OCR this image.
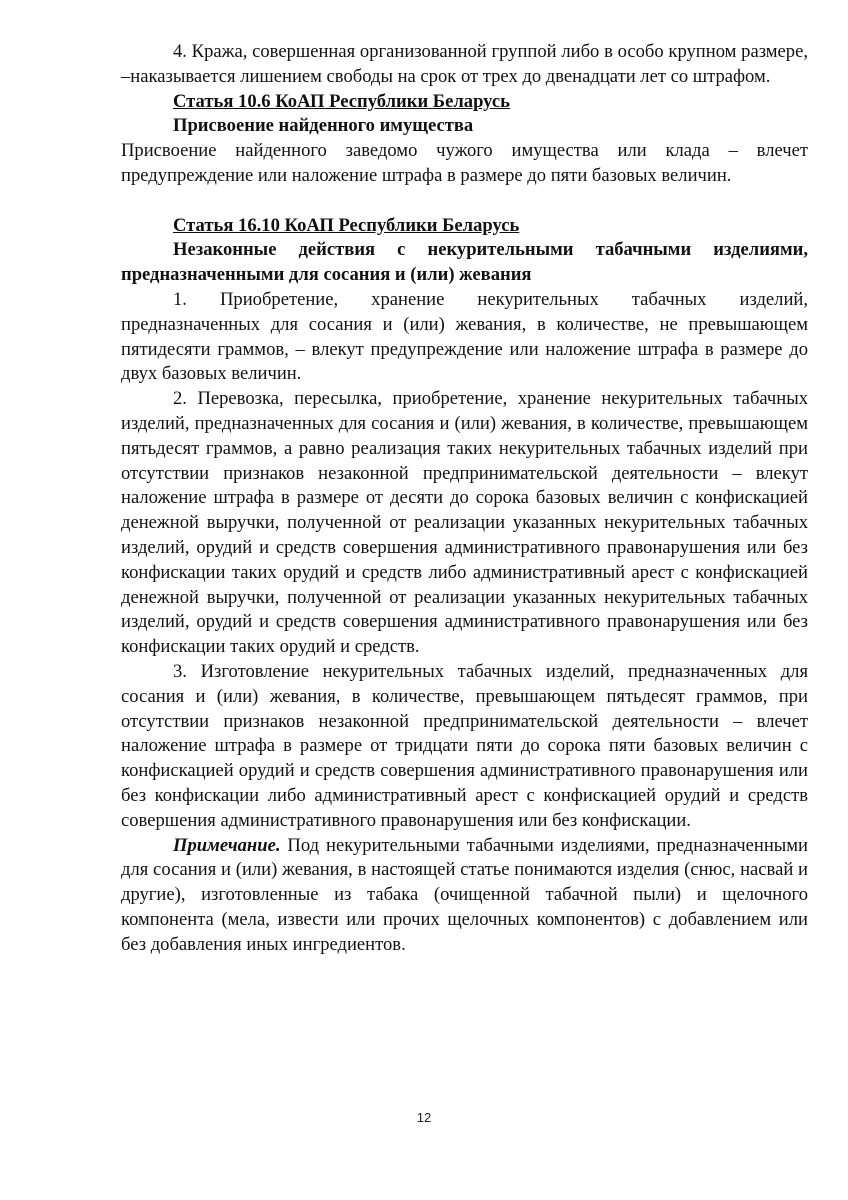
4. Кража, совершенная организованной группой либо в особо крупном размере, –наказывается лишением свободы на срок от трех до двенадцати лет со штрафом.

Статья 10.6 КоАП Республики Беларусь

Присвоение найденного имущества

Присвоение найденного заведомо чужого имущества или клада – влечет предупреждение или наложение штрафа в размере до пяти базовых величин.

Статья 16.10 КоАП Республики Беларусь

Незаконные действия с некурительными табачными изделиями, предназначенными для сосания и (или) жевания

1. Приобретение, хранение некурительных табачных изделий, предназначенных для сосания и (или) жевания, в количестве, не превышающем пятидесяти граммов, – влекут предупреждение или наложение штрафа в размере до двух базовых величин.

2. Перевозка, пересылка, приобретение, хранение некурительных табачных изделий, предназначенных для сосания и (или) жевания, в количестве, превышающем пятьдесят граммов, а равно реализация таких некурительных табачных изделий при отсутствии признаков незаконной предпринимательской деятельности – влекут наложение штрафа в размере от десяти до сорока базовых величин с конфискацией денежной выручки, полученной от реализации указанных некурительных табачных изделий, орудий и средств совершения административного правонарушения или без конфискации таких орудий и средств либо административный арест с конфискацией денежной выручки, полученной от реализации указанных некурительных табачных изделий, орудий и средств совершения административного правонарушения или без конфискации таких орудий и средств.

3. Изготовление некурительных табачных изделий, предназначенных для сосания и (или) жевания, в количестве, превышающем пятьдесят граммов, при отсутствии признаков незаконной предпринимательской деятельности – влечет наложение штрафа в размере от тридцати пяти до сорока пяти базовых величин с конфискацией орудий и средств совершения административного правонарушения или без конфискации либо административный арест с конфискацией орудий и средств совершения административного правонарушения или без конфискации.

Примечание. Под некурительными табачными изделиями, предназначенными для сосания и (или) жевания, в настоящей статье понимаются изделия (снюс, насвай и другие), изготовленные из табака (очищенной табачной пыли) и щелочного компонента (мела, извести или прочих щелочных компонентов) с добавлением или без добавления иных ингредиентов.

12
